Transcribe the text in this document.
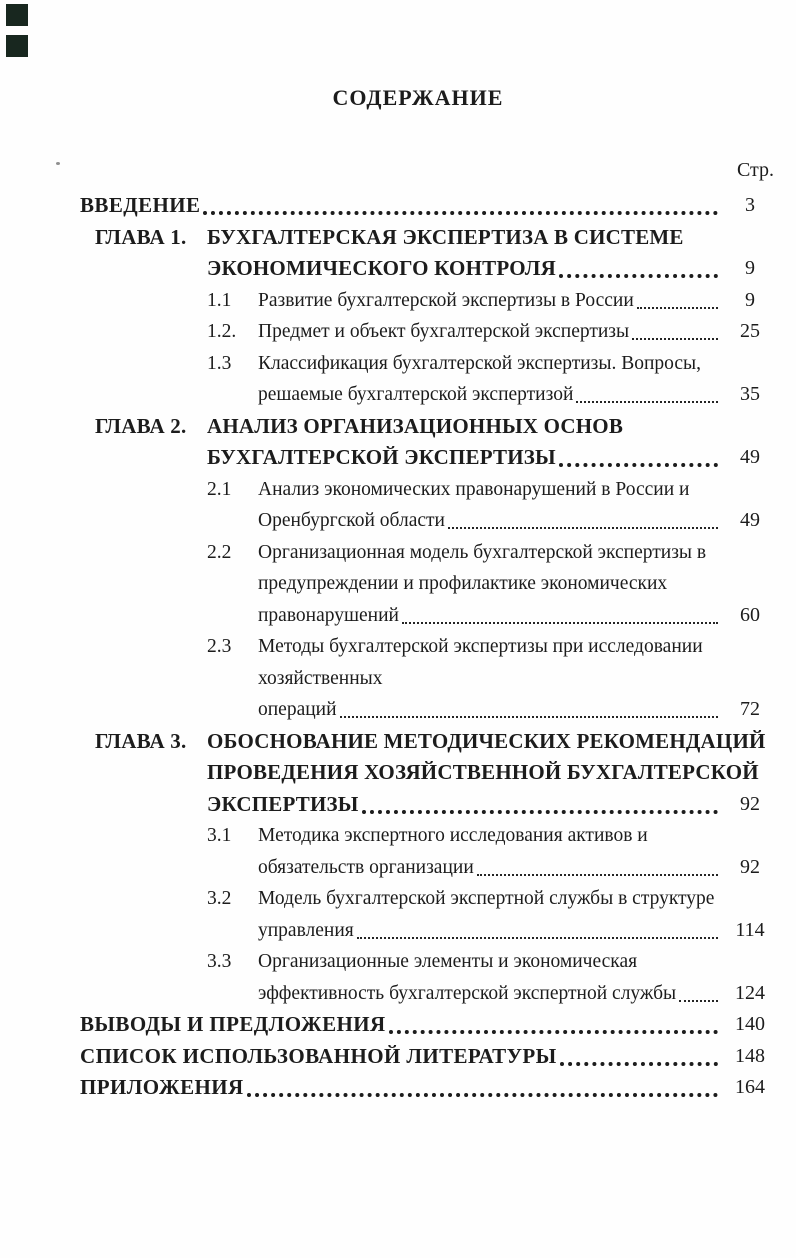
СОДЕРЖАНИЕ
Стр.
ВВЕДЕНИЕ	3
ГЛАВА 1. БУХГАЛТЕРСКАЯ ЭКСПЕРТИЗА В СИСТЕМЕ
ЭКОНОМИЧЕСКОГО КОНТРОЛЯ	9
1.1	Развитие бухгалтерской экспертизы в России	9
1.2.	Предмет и объект бухгалтерской экспертизы	25
1.3	Классификация бухгалтерской экспертизы. Вопросы,
решаемые бухгалтерской экспертизой	35
ГЛАВА 2. АНАЛИЗ ОРГАНИЗАЦИОННЫХ ОСНОВ
БУХГАЛТЕРСКОЙ ЭКСПЕРТИЗЫ	49
2.1	Анализ экономических правонарушений в России и
Оренбургской области	49
2.2	Организационная модель бухгалтерской экспертизы в
предупреждении и профилактике экономических
правонарушений	60
2.3	Методы бухгалтерской экспертизы при исследовании
хозяйственных
операций	72
ГЛАВА 3. ОБОСНОВАНИЕ МЕТОДИЧЕСКИХ РЕКОМЕНДАЦИЙ
ПРОВЕДЕНИЯ ХОЗЯЙСТВЕННОЙ БУХГАЛТЕРСКОЙ
ЭКСПЕРТИЗЫ	92
3.1	Методика экспертного исследования активов и
обязательств организации	92
3.2	Модель бухгалтерской экспертной службы в структуре
управления	114
3.3	Организационные элементы и экономическая
эффективность бухгалтерской экспертной службы	124
ВЫВОДЫ И ПРЕДЛОЖЕНИЯ	140
СПИСОК ИСПОЛЬЗОВАННОЙ ЛИТЕРАТУРЫ	148
ПРИЛОЖЕНИЯ	164
